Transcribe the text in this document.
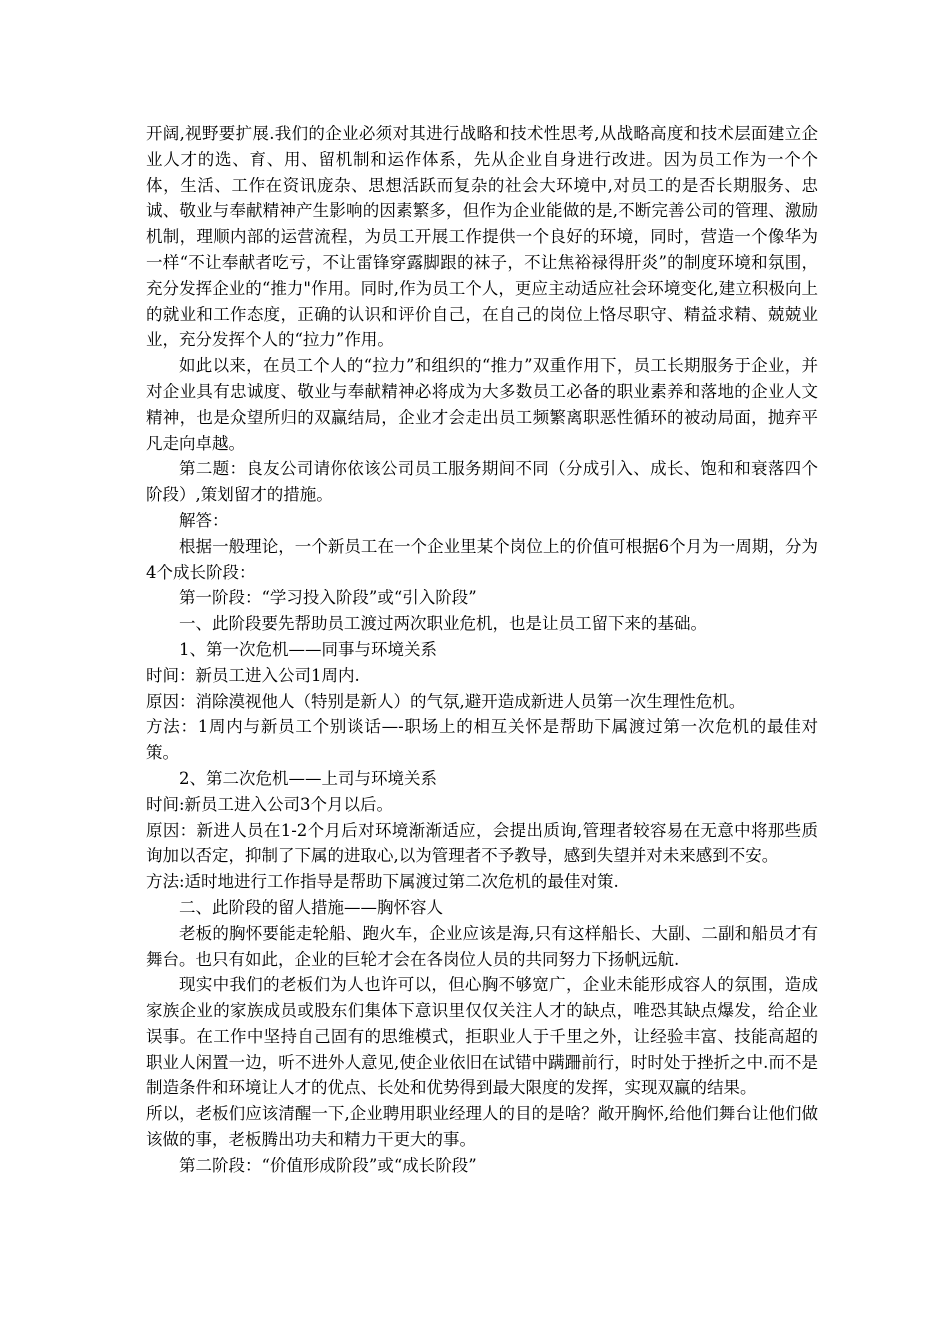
开阔,视野要扩展.我们的企业必须对其进行战略和技术性思考,从战略高度和技术层面建立企业人才的选、育、用、留机制和运作体系，先从企业自身进行改进。因为员工作为一个个体，生活、工作在资讯庞杂、思想活跃而复杂的社会大环境中,对员工的是否长期服务、忠诚、敬业与奉献精神产生影响的因素繁多，但作为企业能做的是,不断完善公司的管理、激励机制，理顺内部的运营流程，为员工开展工作提供一个良好的环境，同时，营造一个像华为一样“不让奉献者吃亏，不让雷锋穿露脚跟的袜子，不让焦裕禄得肝炎”的制度环境和氛围，充分发挥企业的“推力"作用。同时,作为员工个人，更应主动适应社会环境变化,建立积极向上的就业和工作态度，正确的认识和评价自己，在自己的岗位上恪尽职守、精益求精、兢兢业业，充分发挥个人的“拉力”作用。

如此以来，在员工个人的“拉力”和组织的“推力”双重作用下，员工长期服务于企业，并对企业具有忠诚度、敬业与奉献精神必将成为大多数员工必备的职业素养和落地的企业人文精神，也是众望所归的双赢结局，企业才会走出员工频繁离职恶性循环的被动局面，抛弃平凡走向卓越。

第二题：良友公司请你依该公司员工服务期间不同（分成引入、成长、饱和和衰落四个阶段）,策划留才的措施。

解答：

根据一般理论，一个新员工在一个企业里某个岗位上的价值可根据6个月为一周期，分为4个成长阶段：

第一阶段：“学习投入阶段”或“引入阶段”

一、此阶段要先帮助员工渡过两次职业危机，也是让员工留下来的基础。

1、第一次危机——同事与环境关系

时间：新员工进入公司1周内.

原因：消除漠视他人（特别是新人）的气氛,避开造成新进人员第一次生理性危机。

方法：1周内与新员工个别谈话—-职场上的相互关怀是帮助下属渡过第一次危机的最佳对策。

2、第二次危机——上司与环境关系

时间:新员工进入公司3个月以后。

原因：新进人员在1-2个月后对环境渐渐适应，会提出质询,管理者较容易在无意中将那些质询加以否定，抑制了下属的进取心,以为管理者不予教导，感到失望并对未来感到不安。

方法:适时地进行工作指导是帮助下属渡过第二次危机的最佳对策.

二、此阶段的留人措施——胸怀容人

老板的胸怀要能走轮船、跑火车，企业应该是海,只有这样船长、大副、二副和船员才有舞台。也只有如此，企业的巨轮才会在各岗位人员的共同努力下扬帆远航.

现实中我们的老板们为人也许可以，但心胸不够宽广，企业未能形成容人的氛围，造成家族企业的家族成员或股东们集体下意识里仅仅关注人才的缺点，唯恐其缺点爆发，给企业误事。在工作中坚持自己固有的思维模式，拒职业人于千里之外，让经验丰富、技能高超的职业人闲置一边，听不进外人意见,使企业依旧在试错中蹒跚前行，时时处于挫折之中.而不是制造条件和环境让人才的优点、长处和优势得到最大限度的发挥，实现双赢的结果。

所以，老板们应该清醒一下,企业聘用职业经理人的目的是啥？敞开胸怀,给他们舞台让他们做该做的事，老板腾出功夫和精力干更大的事。

第二阶段：“价值形成阶段”或“成长阶段”
